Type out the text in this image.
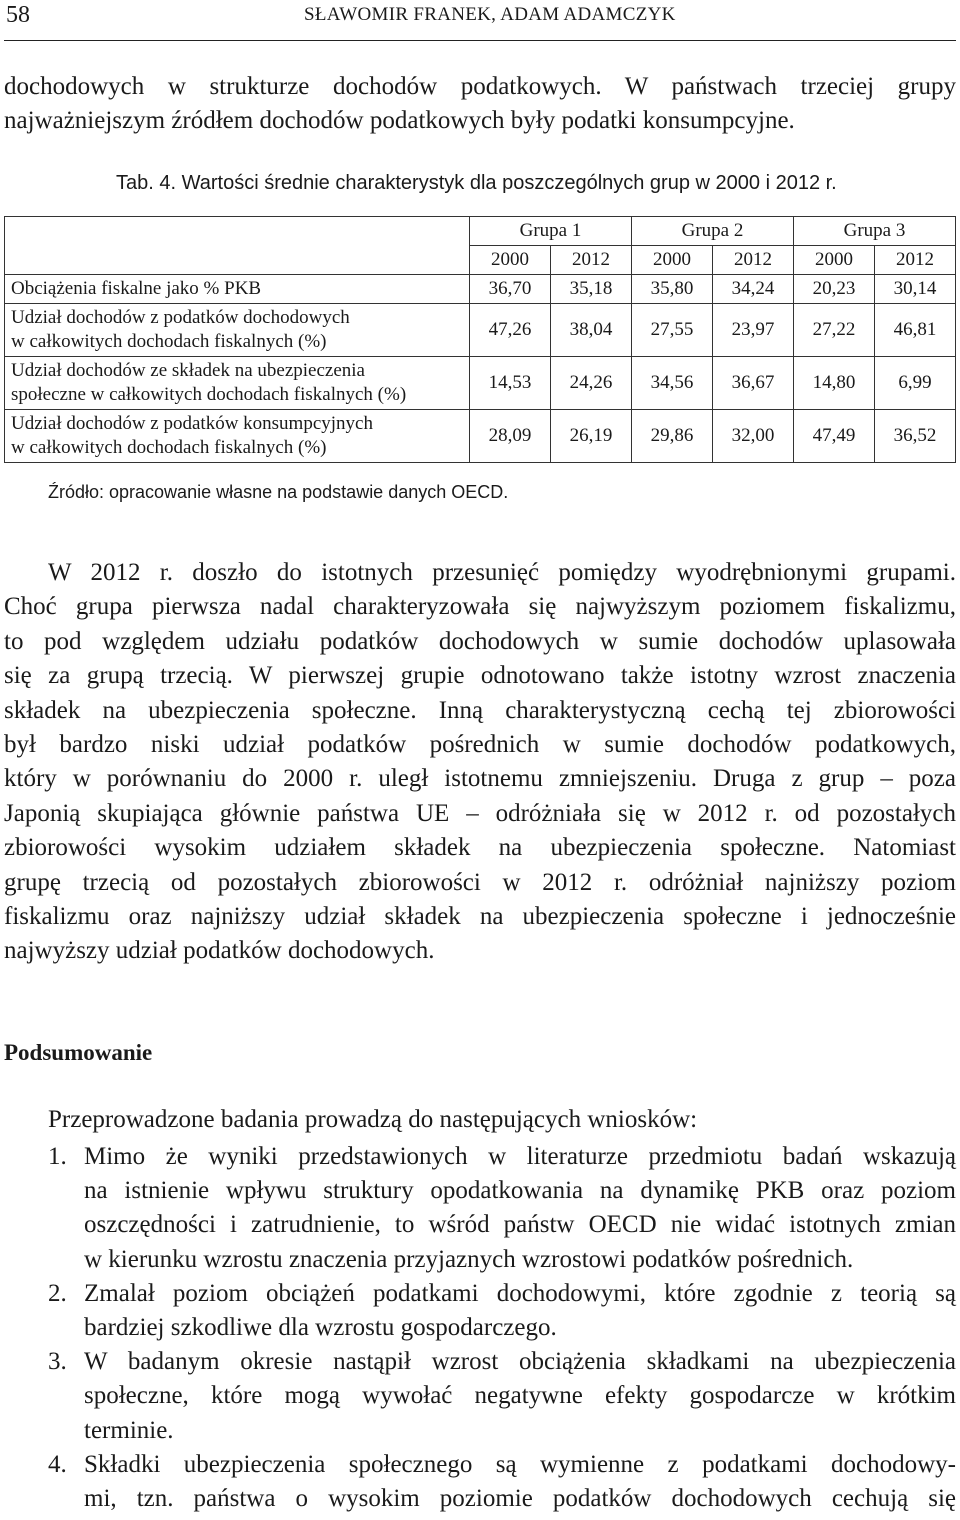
58	SŁAWOMIR FRANEK, ADAM ADAMCZYK
dochodowych w strukturze dochodów podatkowych. W państwach trzeciej grupy
najważniejszym źródłem dochodów podatkowych były podatki konsumpcyjne.
Tab. 4. Wartości średnie charakterystyk dla poszczególnych grup w 2000 i 2012 r.
	Grupa 1		Grupa 2		Grupa 3	
	2000	2012	2000	2012	2000	2012
Obciążenia fiskalne jako % PKB	36,70	35,18	35,80	34,24	20,23	30,14
Udział dochodów z podatków dochodowych
w całkowitych dochodach fiskalnych (%)	47,26	38,04	27,55	23,97	27,22	46,81
Udział dochodów ze składek na ubezpieczenia
społeczne w całkowitych dochodach fiskalnych (%)	14,53	24,26	34,56	36,67	14,80	6,99
Udział dochodów z podatków konsumpcyjnych
w całkowitych dochodach fiskalnych (%)	28,09	26,19	29,86	32,00	47,49	36,52
Źródło: opracowanie własne na podstawie danych OECD.
W 2012 r. doszło do istotnych przesunięć pomiędzy wyodrębnionymi grupami.
Choć grupa pierwsza nadal charakteryzowała się najwyższym poziomem fiskalizmu,
to pod względem udziału podatków dochodowych w sumie dochodów uplasowała
się za grupą trzecią. W pierwszej grupie odnotowano także istotny wzrost znaczenia
składek na ubezpieczenia społeczne. Inną charakterystyczną cechą tej zbiorowości
był bardzo niski udział podatków pośrednich w sumie dochodów podatkowych,
który w porównaniu do 2000 r. uległ istotnemu zmniejszeniu. Druga z grup – poza
Japonią skupiająca głównie państwa UE – odróżniała się w 2012 r. od pozostałych
zbiorowości wysokim udziałem składek na ubezpieczenia społeczne. Natomiast
grupę trzecią od pozostałych zbiorowości w 2012 r. odróżniał najniższy poziom
fiskalizmu oraz najniższy udział składek na ubezpieczenia społeczne i jednocześnie
najwyższy udział podatków dochodowych.
Podsumowanie
Przeprowadzone badania prowadzą do następujących wniosków:
1. Mimo że wyniki przedstawionych w literaturze przedmiotu badań wskazują
na istnienie wpływu struktury opodatkowania na dynamikę PKB oraz poziom
oszczędności i zatrudnienie, to wśród państw OECD nie widać istotnych zmian
w kierunku wzrostu znaczenia przyjaznych wzrostowi podatków pośrednich.
2. Zmalał poziom obciążeń podatkami dochodowymi, które zgodnie z teorią są
bardziej szkodliwe dla wzrostu gospodarczego.
3. W badanym okresie nastąpił wzrost obciążenia składkami na ubezpieczenia
społeczne, które mogą wywołać negatywne efekty gospodarcze w krótkim
terminie.
4. Składki ubezpieczenia społecznego są wymienne z podatkami dochodowy-
mi, tzn. państwa o wysokim poziomie podatków dochodowych cechują się
